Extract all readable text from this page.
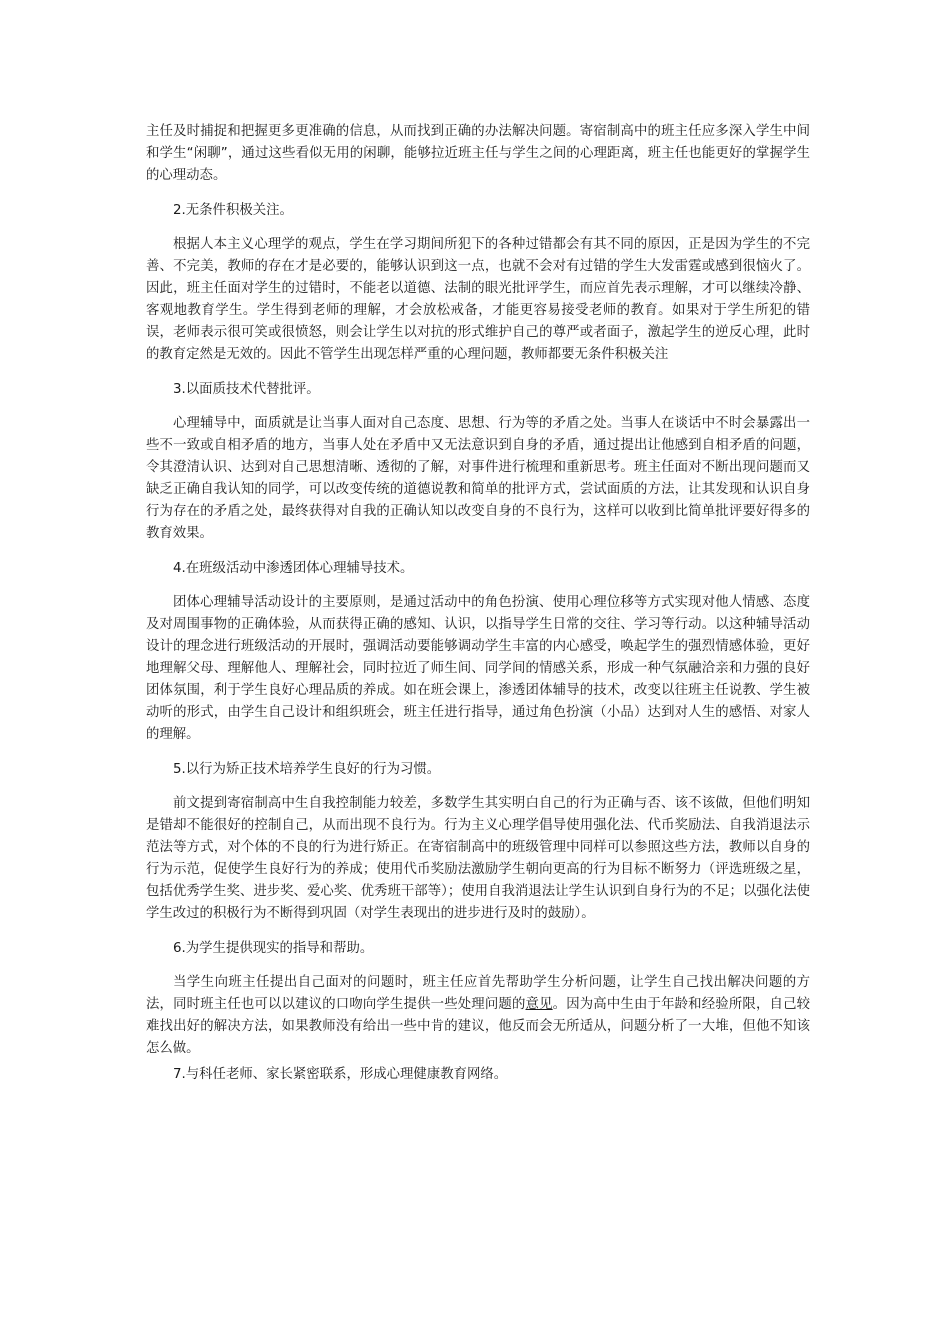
主任及时捕捉和把握更多更准确的信息，从而找到正确的办法解决问题。寄宿制高中的班主任应多深入学生中间和学生“闲聊”，通过这些看似无用的闲聊，能够拉近班主任与学生之间的心理距离，班主任也能更好的掌握学生的心理动态。

2.无条件积极关注。

根据人本主义心理学的观点，学生在学习期间所犯下的各种过错都会有其不同的原因，正是因为学生的不完善、不完美，教师的存在才是必要的，能够认识到这一点，也就不会对有过错的学生大发雷霆或感到很恼火了。因此，班主任面对学生的过错时，不能老以道德、法制的眼光批评学生，而应首先表示理解，才可以继续冷静、客观地教育学生。学生得到老师的理解，才会放松戒备，才能更容易接受老师的教育。如果对于学生所犯的错误，老师表示很可笑或很愤怒，则会让学生以对抗的形式维护自己的尊严或者面子，激起学生的逆反心理，此时的教育定然是无效的。因此不管学生出现怎样严重的心理问题，教师都要无条件积极关注

3.以面质技术代替批评。

心理辅导中，面质就是让当事人面对自己态度、思想、行为等的矛盾之处。当事人在谈话中不时会暴露出一些不一致或自相矛盾的地方，当事人处在矛盾中又无法意识到自身的矛盾，通过提出让他感到自相矛盾的问题，令其澄清认识、达到对自己思想清晰、透彻的了解，对事件进行梳理和重新思考。班主任面对不断出现问题而又缺乏正确自我认知的同学，可以改变传统的道德说教和简单的批评方式，尝试面质的方法，让其发现和认识自身行为存在的矛盾之处，最终获得对自我的正确认知以改变自身的不良行为，这样可以收到比简单批评要好得多的教育效果。

4.在班级活动中渗透团体心理辅导技术。

团体心理辅导活动设计的主要原则，是通过活动中的角色扮演、使用心理位移等方式实现对他人情感、态度及对周围事物的正确体验，从而获得正确的感知、认识，以指导学生日常的交往、学习等行动。以这种辅导活动设计的理念进行班级活动的开展时，强调活动要能够调动学生丰富的内心感受，唤起学生的强烈情感体验，更好地理解父母、理解他人、理解社会，同时拉近了师生间、同学间的情感关系，形成一种气氛融洽亲和力强的良好团体氛围，利于学生良好心理品质的养成。如在班会课上，渗透团体辅导的技术，改变以往班主任说教、学生被动听的形式，由学生自己设计和组织班会，班主任进行指导，通过角色扮演（小品）达到对人生的感悟、对家人的理解。

5.以行为矫正技术培养学生良好的行为习惯。

前文提到寄宿制高中生自我控制能力较差，多数学生其实明白自己的行为正确与否、该不该做，但他们明知是错却不能很好的控制自己，从而出现不良行为。行为主义心理学倡导使用强化法、代币奖励法、自我消退法示范法等方式，对个体的不良的行为进行矫正。在寄宿制高中的班级管理中同样可以参照这些方法，教师以自身的行为示范，促使学生良好行为的养成；使用代币奖励法激励学生朝向更高的行为目标不断努力（评选班级之星，包括优秀学生奖、进步奖、爱心奖、优秀班干部等）；使用自我消退法让学生认识到自身行为的不足；以强化法使学生改过的积极行为不断得到巩固（对学生表现出的进步进行及时的鼓励）。

6.为学生提供现实的指导和帮助。

当学生向班主任提出自己面对的问题时，班主任应首先帮助学生分析问题，让学生自己找出解决问题的方法，同时班主任也可以以建议的口吻向学生提供一些处理问题的意见。因为高中生由于年龄和经验所限，自己较难找出好的解决方法，如果教师没有给出一些中肯的建议，他反而会无所适从，问题分析了一大堆，但他不知该怎么做。

7.与科任老师、家长紧密联系，形成心理健康教育网络。
